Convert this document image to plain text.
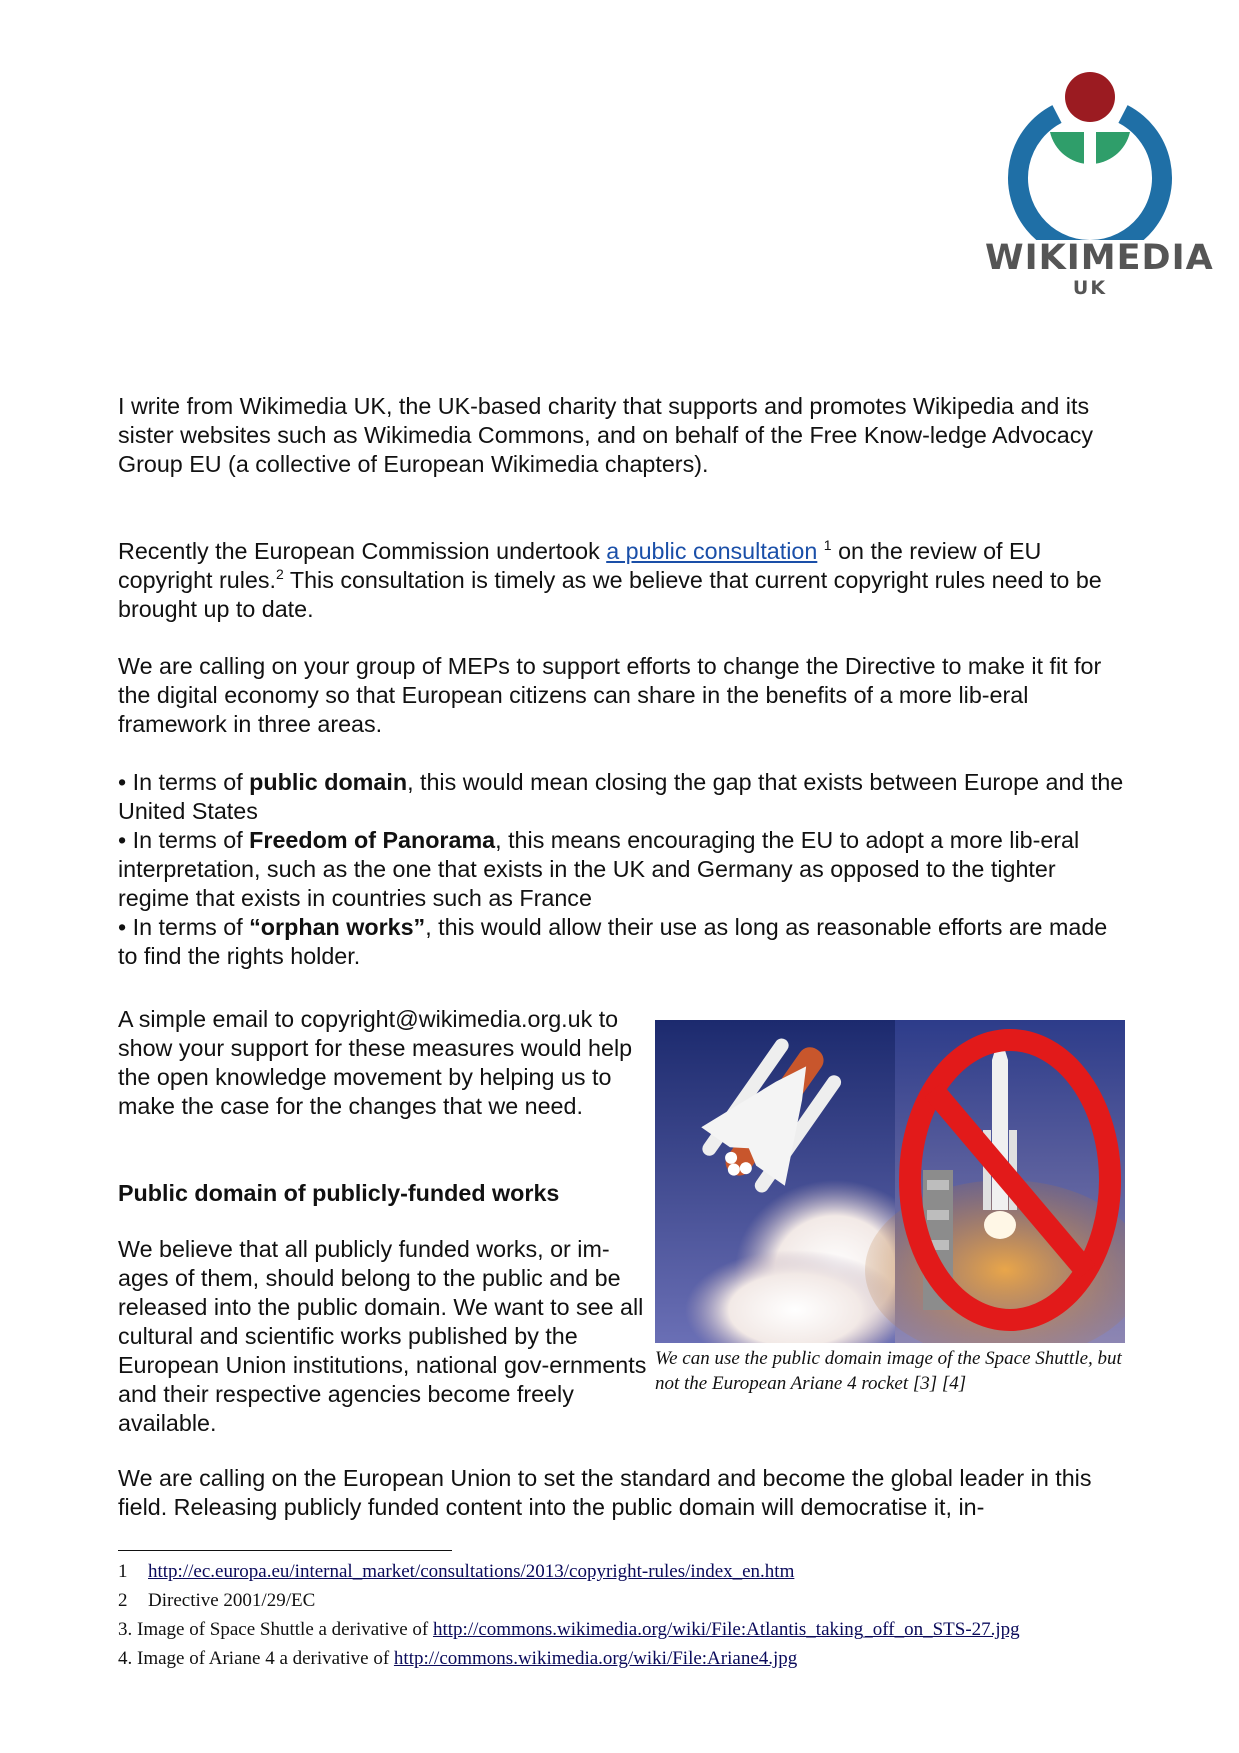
WIKIMEDIA
UK

I write from Wikimedia UK, the UK-based charity that supports and promotes Wikipedia and its sister websites such as Wikimedia Commons, and on behalf of the Free Know-ledge Advocacy Group EU (a collective of European Wikimedia chapters).

Recently the European Commission undertook a public consultation $^1$ on the review of EU copyright rules.$^2$ This consultation is timely as we believe that current copyright rules need to be brought up to date.

We are calling on your group of MEPs to support efforts to change the Directive to make it fit for the digital economy so that European citizens can share in the benefits of a more lib-eral framework in three areas.

• In terms of public domain, this would mean closing the gap that exists between Europe and the United States
• In terms of Freedom of Panorama, this means encouraging the EU to adopt a more lib-eral interpretation, such as the one that exists in the UK and Germany as opposed to the tighter regime that exists in countries such as France
• In terms of “orphan works”, this would allow their use as long as reasonable efforts are made to find the rights holder.

A simple email to copyright@wikimedia.org.uk to show your support for these measures would help the open knowledge movement by helping us to make the case for the changes that we need.

Public domain of publicly-funded works

We believe that all publicly funded works, or im-ages of them, should belong to the public and be released into the public domain. We want to see all cultural and scientific works published by the European Union institutions, national gov-ernments and their respective agencies become freely available.

We can use the public domain image of the Space Shuttle, but not the European Ariane 4 rocket [3] [4]

We are calling on the European Union to set the standard and become the global leader in this field. Releasing publicly funded content into the public domain will democratise it, in-

1 http://ec.europa.eu/internal_market/consultations/2013/copyright-rules/index_en.htm
2 Directive 2001/29/EC
3. Image of Space Shuttle a derivative of http://commons.wikimedia.org/wiki/File:Atlantis_taking_off_on_STS-27.jpg
4. Image of Ariane 4 a derivative of http://commons.wikimedia.org/wiki/File:Ariane4.jpg
